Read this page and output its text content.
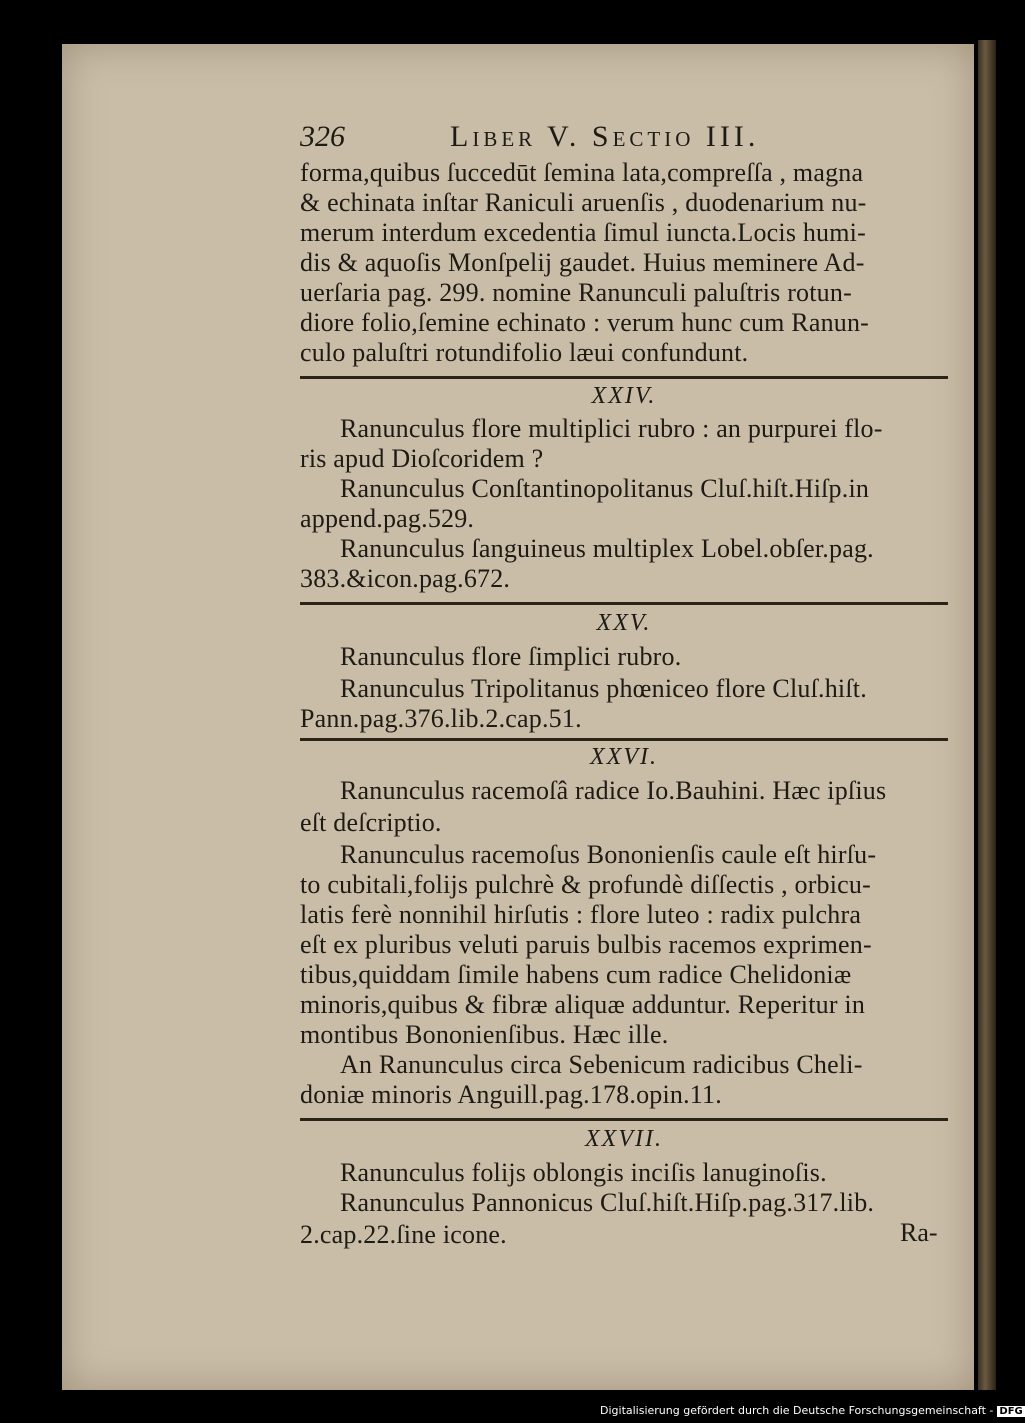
326	Liber V. Sectio III.
forma,quibus ſuccedūt ſemina lata,compreſſa , magna
& echinata inſtar Raniculi aruenſis , duodenarium nu-
merum interdum excedentia ſimul iuncta.Locis humi-
dis & aquoſis Monſpelij gaudet. Huius meminere Ad-
uerſaria pag. 299. nomine Ranunculi paluſtris rotun-
diore folio,ſemine echinato : verum hunc cum Ranun-
culo paluſtri rotundifolio læui confundunt.
XXIV.
Ranunculus flore multiplici rubro : an purpurei flo-
ris apud Dioſcoridem ?
Ranunculus Conſtantinopolitanus Cluſ.hiſt.Hiſp.in
append.pag.529.
Ranunculus ſanguineus multiplex Lobel.obſer.pag.
383.&icon.pag.672.
XXV.
Ranunculus flore ſimplici rubro.
Ranunculus Tripolitanus phœniceo flore Cluſ.hiſt.
Pann.pag.376.lib.2.cap.51.
XXVI.
Ranunculus racemoſâ radice Io.Bauhini. Hæc ipſius
eſt deſcriptio.
Ranunculus racemoſus Bononienſis caule eſt hirſu-
to cubitali,folijs pulchrè & profundè diſſectis , orbicu-
latis ferè nonnihil hirſutis : flore luteo : radix pulchra
eſt ex pluribus veluti paruis bulbis racemos exprimen-
tibus,quiddam ſimile habens cum radice Chelidoniæ
minoris,quibus & fibræ aliquæ adduntur. Reperitur in
montibus Bononienſibus. Hæc ille.
An Ranunculus circa Sebenicum radicibus Cheli-
doniæ minoris Anguill.pag.178.opin.11.
XXVII.
Ranunculus folijs oblongis inciſis lanuginoſis.
Ranunculus Pannonicus Cluſ.hiſt.Hiſp.pag.317.lib.
2.cap.22.ſine icone.	Ra-
Digitalisierung gefördert durch die Deutsche Forschungsgemeinschaft - DFG
